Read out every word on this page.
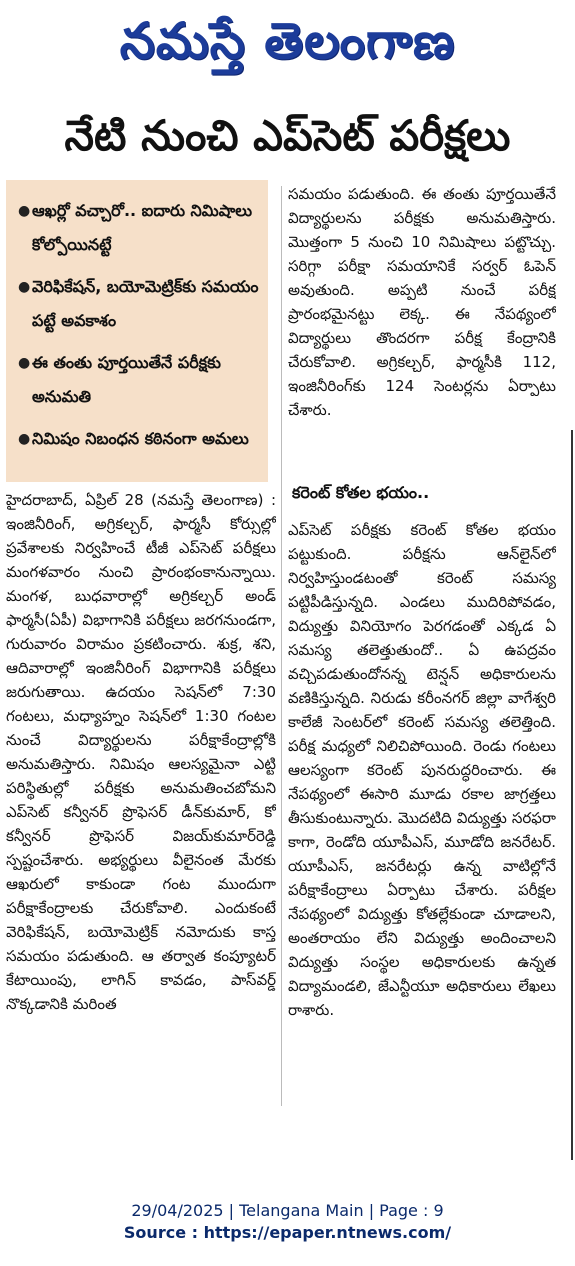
నమస్తే తెలంగాణ
నేటి నుంచి ఎప్‌సెట్ పరీక్షలు
● ఆఖర్లో వచ్చారో.. ఐదారు నిమిషాలు కోల్పోయినట్టే
● వెరిఫికేషన్, బయోమెట్రిక్‌కు సమయం పట్టే అవకాశం
● ఈ తంతు పూర్తయితేనే పరీక్షకు అనుమతి
● నిమిషం నిబంధన కఠినంగా అమలు

హైదరాబాద్, ఏప్రిల్ 28 (నమస్తే తెలంగాణ) : ఇంజినీరింగ్, అగ్రికల్చర్, ఫార్మసీ కోర్సుల్లో ప్రవేశాలకు నిర్వహించే టీజీ ఎప్‌సెట్ పరీక్షలు మంగళవారం నుంచి ప్రారంభంకానున్నాయి. మంగళ, బుధవారాల్లో అగ్రికల్చర్ అండ్ ఫార్మసీ(ఏపీ) విభాగానికి పరీక్షలు జరగనుండగా, గురువారం విరామం ప్రకటించారు. శుక్ర, శని, ఆదివారాల్లో ఇంజినీరింగ్ విభాగానికి పరీక్షలు జరుగుతాయి. ఉదయం సెషన్‌లో 7:30 గంటలు, మధ్యాహ్నం సెషన్‌లో 1:30 గంటల నుంచే విద్యార్థులను పరీక్షాకేంద్రాల్లోకి అనుమతిస్తారు. నిమిషం ఆలస్యమైనా ఎట్టి పరిస్థితుల్లో పరీక్షకు అనుమతించబోమని ఎప్‌సెట్ కన్వీనర్ ప్రొఫెసర్ డీన్‌కుమార్, కో కన్వీనర్ ప్రొఫెసర్ విజయ్‌కుమార్‌రెడ్డి స్పష్టంచేశారు. అభ్యర్థులు వీలైనంత మేరకు ఆఖరులో కాకుండా గంట ముందుగా పరీక్షాకేంద్రాలకు చేరుకోవాలి. ఎందుకంటే వెరిఫికేషన్, బయోమెట్రిక్ నమోదుకు కాస్త సమయం పడుతుంది. ఆ తర్వాత కంప్యూటర్ కేటాయింపు, లాగిన్ కావడం, పాస్‌వర్డ్ నొక్కడానికి మరింత

సమయం పడుతుంది. ఈ తంతు పూర్తయితేనే విద్యార్థులను పరీక్షకు అనుమతిస్తారు. మొత్తంగా 5 నుంచి 10 నిమిషాలు పట్టొచ్చు. సరిగ్గా పరీక్షా సమయానికే సర్వర్ ఓపెన్ అవుతుంది. అప్పటి నుంచే పరీక్ష ప్రారంభమైనట్టు లెక్క. ఈ నేపథ్యంలో విద్యార్థులు తొందరగా పరీక్ష కేంద్రానికి చేరుకోవాలి. అగ్రికల్చర్, ఫార్మసీకి 112, ఇంజినీరింగ్‌కు 124 సెంటర్లను ఏర్పాటు చేశారు.

కరెంట్ కోతల భయం..

ఎప్‌సెట్ పరీక్షకు కరెంట్ కోతల భయం పట్టుకుంది. పరీక్షను ఆన్‌లైన్‌లో నిర్వహిస్తుండటంతో కరెంట్ సమస్య పట్టిపీడిస్తున్నది. ఎండలు ముదిరిపోవడం, విద్యుత్తు వినియోగం పెరగడంతో ఎక్కడ ఏ సమస్య తలెత్తుతుందో.. ఏ ఉపద్రవం వచ్చిపడుతుందోనన్న టెన్షన్ అధికారులను వణికిస్తున్నది. నిరుడు కరీంనగర్ జిల్లా వాగేశ్వరి కాలేజీ సెంటర్‌లో కరెంట్ సమస్య తలెత్తింది. పరీక్ష మధ్యలో నిలిచిపోయింది. రెండు గంటలు ఆలస్యంగా కరెంట్ పునరుద్ధరించారు. ఈ నేపథ్యంలో ఈసారి మూడు రకాల జాగ్రత్తలు తీసుకుంటున్నారు. మొదటిది విద్యుత్తు సరఫరా కాగా, రెండోది యూపీఎస్, మూడోది జనరేటర్. యూపీఎస్, జనరేటర్లు ఉన్న వాటిల్లోనే పరీక్షాకేంద్రాలు ఏర్పాటు చేశారు. పరీక్షల నేపథ్యంలో విద్యుత్తు కోతల్లేకుండా చూడాలని, అంతరాయం లేని విద్యుత్తు అందించాలని విద్యుత్తు సంస్థల అధికారులకు ఉన్నత విద్యామండలి, జేఎన్టీయూ అధికారులు లేఖలు రాశారు.

29/04/2025 | Telangana Main | Page : 9
Source : https://epaper.ntnews.com/
